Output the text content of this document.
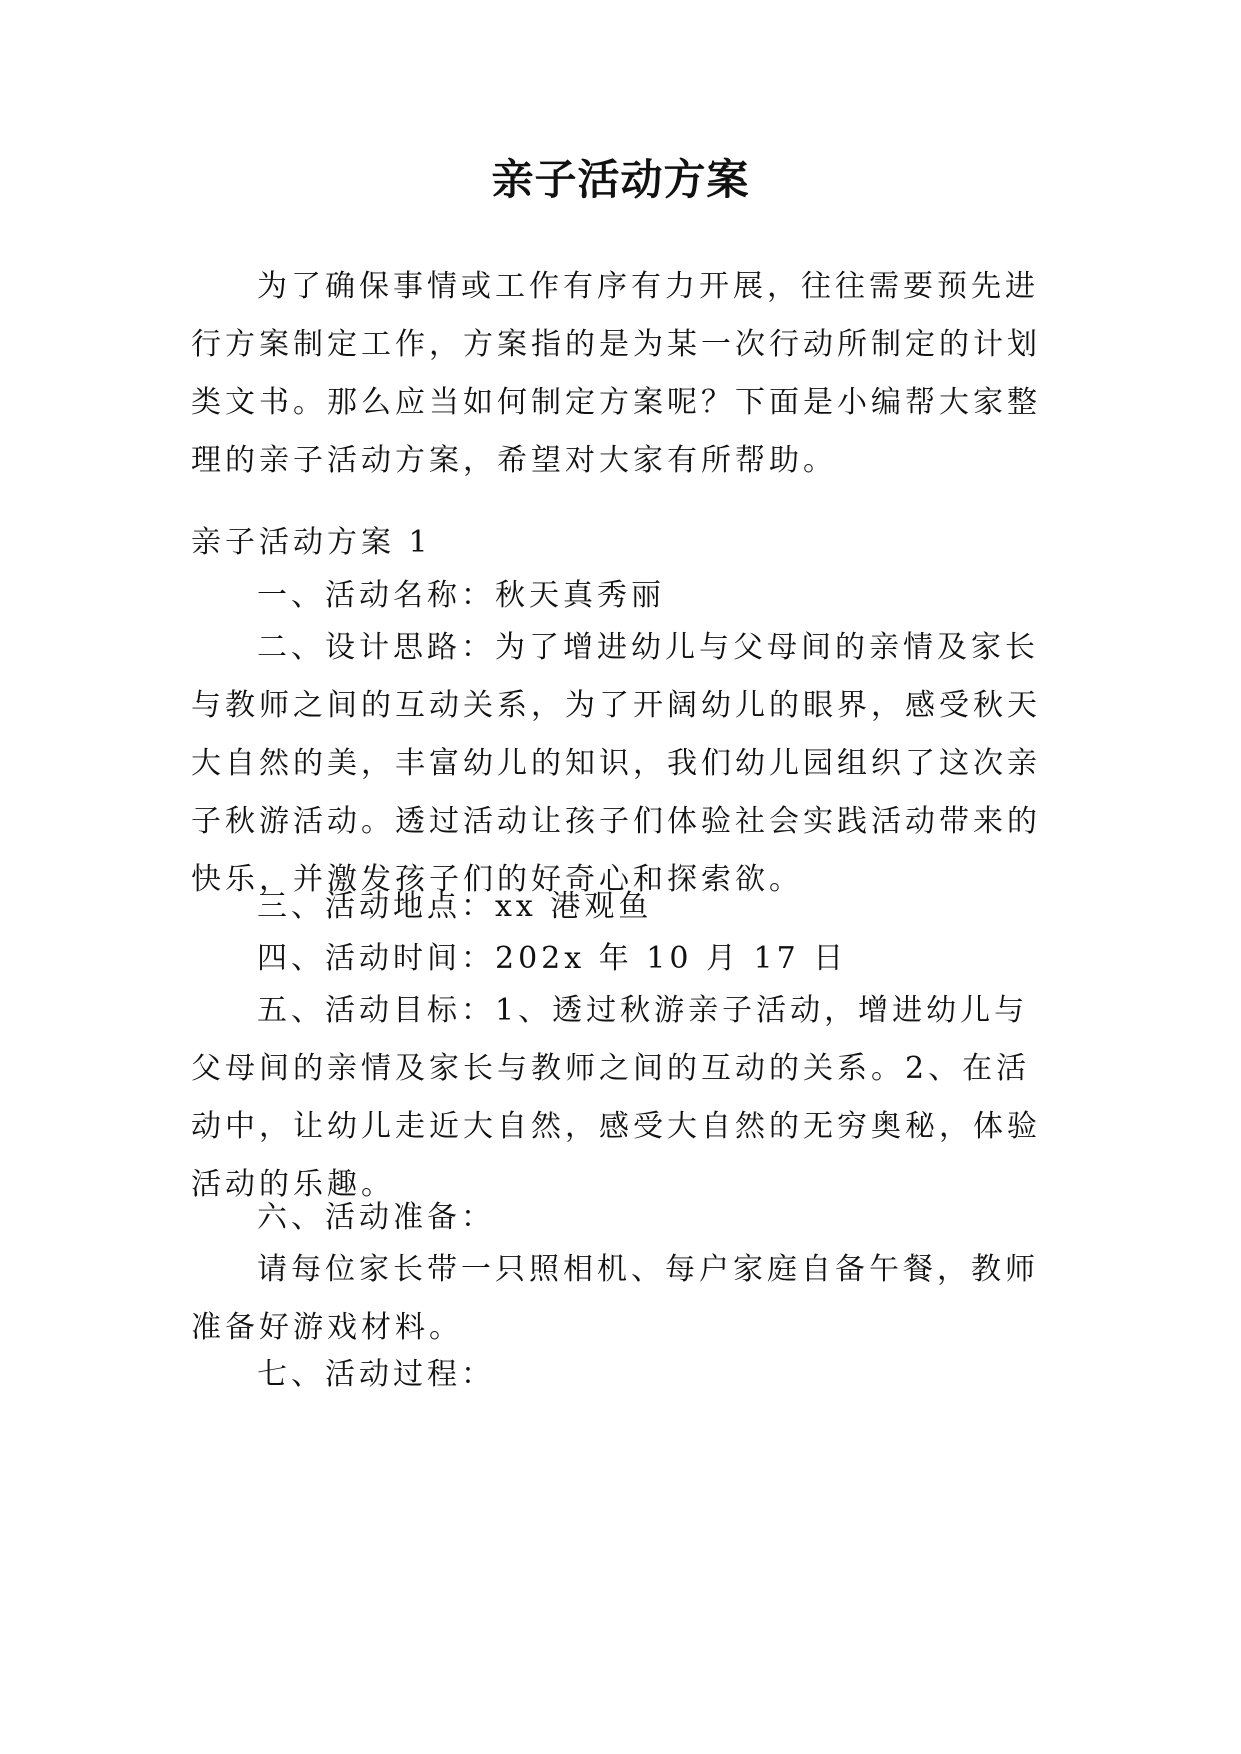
亲子活动方案

为了确保事情或工作有序有力开展，往往需要预先进行方案制定工作，方案指的是为某一次行动所制定的计划类文书。那么应当如何制定方案呢？下面是小编帮大家整理的亲子活动方案，希望对大家有所帮助。

亲子活动方案 1

一、活动名称：秋天真秀丽

二、设计思路：为了增进幼儿与父母间的亲情及家长与教师之间的互动关系，为了开阔幼儿的眼界，感受秋天大自然的美，丰富幼儿的知识，我们幼儿园组织了这次亲子秋游活动。透过活动让孩子们体验社会实践活动带来的快乐，并激发孩子们的好奇心和探索欲。

三、活动地点：xx 港观鱼

四、活动时间：202x 年 10 月 17 日

五、活动目标：1、透过秋游亲子活动，增进幼儿与父母间的亲情及家长与教师之间的互动的关系。2、在活动中，让幼儿走近大自然，感受大自然的无穷奥秘，体验活动的乐趣。

六、活动准备：

请每位家长带一只照相机、每户家庭自备午餐，教师准备好游戏材料。

七、活动过程：
